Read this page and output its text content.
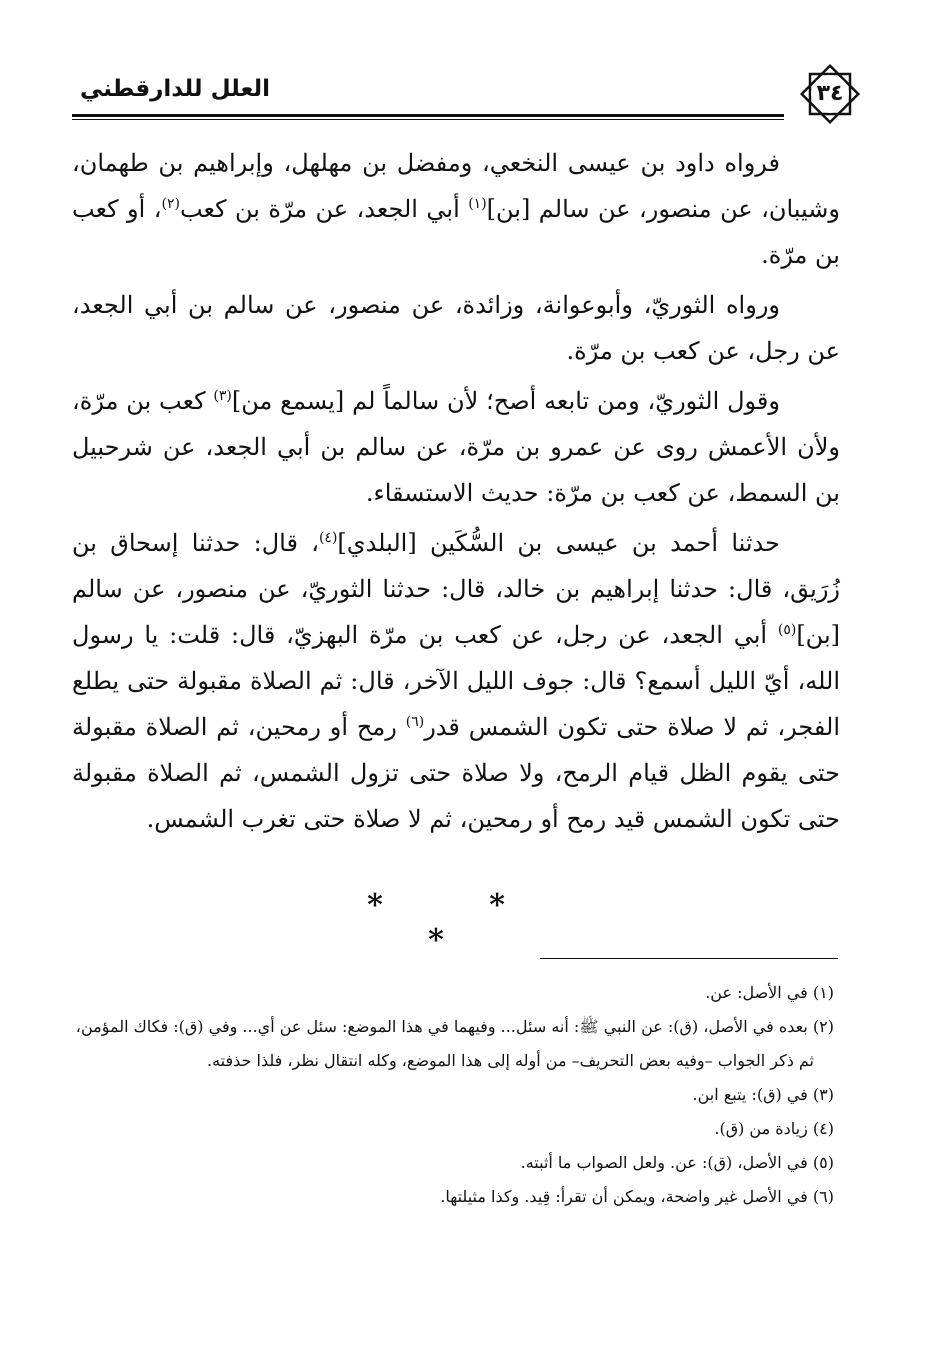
العلل للدارقطني	٣٤

فرواه داود بن عيسى النخعي، ومفضل بن مهلهل، وإبراهيم بن طهمان، وشيبان، عن منصور، عن سالم [بن]$^{(١)}$ أبي الجعد، عن مرّة بن كعب$^{(٢)}$، أو كعب بن مرّة.

ورواه الثوريّ، وأبوعوانة، وزائدة، عن منصور، عن سالم بن أبي الجعد، عن رجل، عن كعب بن مرّة.

وقول الثوريّ، ومن تابعه أصح؛ لأن سالماً لم [يسمع من]$^{(٣)}$ كعب بن مرّة، ولأن الأعمش روى عن عمرو بن مرّة، عن سالم بن أبي الجعد، عن شرحبيل بن السمط، عن كعب بن مرّة: حديث الاستسقاء.

حدثنا أحمد بن عيسى بن السُّكَين [البلدي]$^{(٤)}$، قال: حدثنا إسحاق بن زُرَيق، قال: حدثنا إبراهيم بن خالد، قال: حدثنا الثوريّ، عن منصور، عن سالم [بن]$^{(٥)}$ أبي الجعد، عن رجل، عن كعب بن مرّة البهزيّ، قال: قلت: يا رسول الله، أيّ الليل أسمع؟ قال: جوف الليل الآخر، قال: ثم الصلاة مقبولة حتى يطلع الفجر، ثم لا صلاة حتى تكون الشمس قدر$^{(٦)}$ رمح أو رمحين، ثم الصلاة مقبولة حتى يقوم الظل قيام الرمح، ولا صلاة حتى تزول الشمس، ثم الصلاة مقبولة حتى تكون الشمس قيد رمح أو رمحين، ثم لا صلاة حتى تغرب الشمس.

* * *

(١) في الأصل: عن.

(٢) بعده في الأصل، (ق): عن النبي ﷺ: أنه سئل... وفيهما في هذا الموضع: سئل عن أي... وفي (ق): فكاك المؤمن،

ثم ذكر الجواب –وفيه بعض التحريف– من أوله إلى هذا الموضع، وكله انتقال نظر، فلذا حذفته.

(٣) في (ق): يتبع ابن.

(٤) زيادة من (ق).

(٥) في الأصل، (ق): عن. ولعل الصواب ما أثبته.

(٦) في الأصل غير واضحة، ويمكن أن تقرأ: قِيد. وكذا مثيلتها.
